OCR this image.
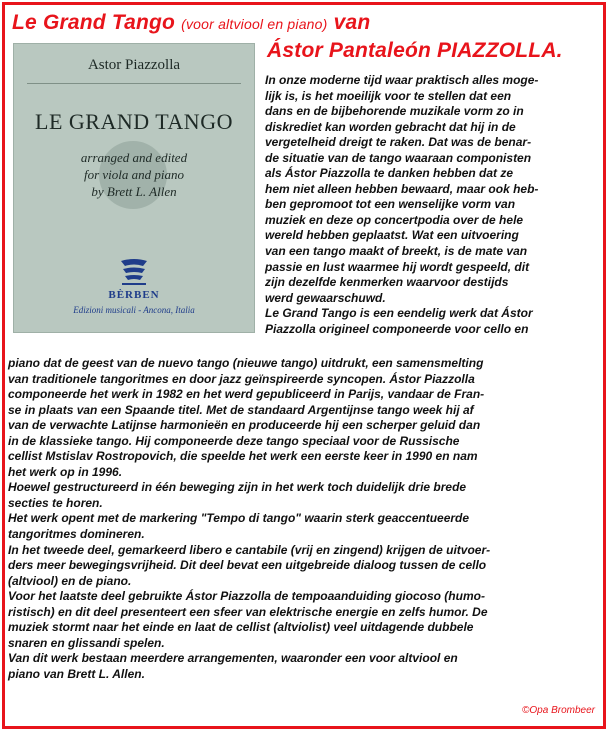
Le Grand Tango (voor altviool en piano) van
Ástor Pantaleón PIAZZOLLA.
Astor Piazzolla
LE GRAND TANGO
arranged and edited
for viola and piano
by Brett L. Allen
BÈRBEN
Edizioni musicali - Ancona, Italia
In onze moderne tijd waar praktisch alles moge-
lijk is, is het moeilijk voor te stellen dat een
dans en de bijbehorende muzikale vorm zo in
diskrediet kan worden gebracht dat hij in de
vergetelheid dreigt te raken. Dat was de benar-
de situatie van de tango waaraan componisten
als Ástor Piazzolla te danken hebben dat ze
hem niet alleen hebben bewaard, maar ook heb-
ben gepromoot tot een wenselijke vorm van
muziek en deze op concertpodia over de hele
wereld hebben geplaatst. Wat een uitvoering
van een tango maakt of breekt, is de mate van
passie en lust waarmee hij wordt gespeeld, dit
zijn dezelfde kenmerken waarvoor destijds
werd gewaarschuwd.
Le Grand Tango is een eendelig werk dat Ástor
Piazzolla origineel componeerde voor cello en
piano dat de geest van de nuevo tango (nieuwe tango) uitdrukt, een samensmelting
van traditionele tangoritmes en door jazz geïnspireerde syncopen. Ástor Piazzolla
componeerde het werk in 1982 en het werd gepubliceerd in Parijs, vandaar de Fran-
se in plaats van een Spaande titel. Met de standaard Argentijnse tango week hij af
van de verwachte Latijnse harmonieën en produceerde hij een scherper geluid dan
in de klassieke tango. Hij componeerde deze tango speciaal voor de Russische
cellist Mstislav Rostropovich, die speelde het werk een eerste keer in 1990 en nam
het werk op in 1996.
Hoewel gestructureerd in één beweging zijn in het werk toch duidelijk drie brede
secties te horen.
Het werk opent met de markering "Tempo di tango" waarin sterk geaccentueerde
tangoritmes domineren.
In het tweede deel, gemarkeerd libero e cantabile (vrij en zingend) krijgen de uitvoer-
ders meer bewegingsvrijheid. Dit deel bevat een uitgebreide dialoog tussen de cello
(altviool) en de piano.
Voor het laatste deel gebruikte Ástor Piazzolla de tempoaanduiding giocoso (humo-
ristisch) en dit deel presenteert een sfeer van elektrische energie en zelfs humor. De
muziek stormt naar het einde en laat de cellist (altviolist) veel uitdagende dubbele
snaren en glissandi spelen.
Van dit werk bestaan meerdere arrangementen, waaronder een voor altviool en
piano van Brett L. Allen.
©Opa Brombeer
